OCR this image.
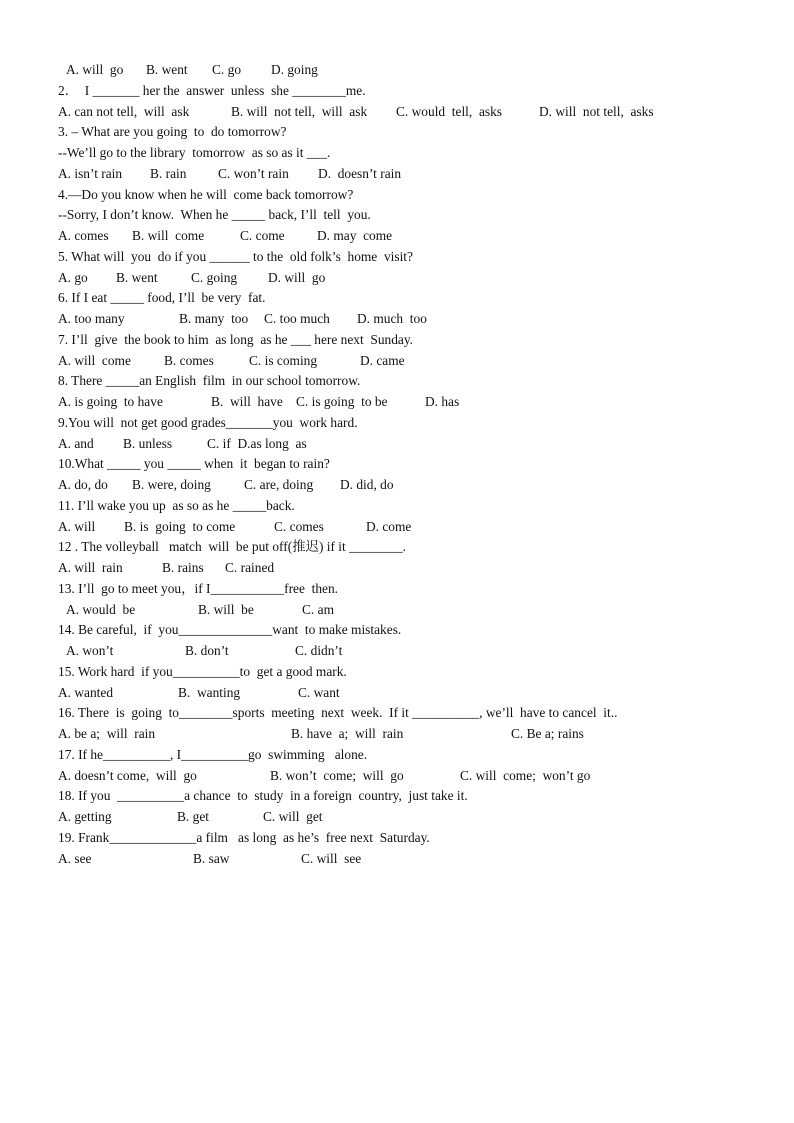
A. will  go B. went C. go D. going
2．  I _______ her the  answer  unless  she ________me.
A. can not tell,  will  ask	B. will  not tell,  will  ask C. would  tell,  asks	D. will  not tell,  asks
3. – What are you going  to  do tomorrow?
--We’ll go to the library  tomorrow  as so as it ___.
A. isn’t rain B. rain C. won’t rain D.  doesn’t rain
4.—Do you know when he will  come back tomorrow?
--Sorry, I don’t know.  When he _____ back, I’ll  tell  you.
A. comes B. will  come	C. come D. may  come
5. What will  you  do if you ______ to the  old folk’s  home  visit?
A. go B. went C. going D. will  go
6. If I eat _____ food, I’ll  be very  fat.
A. too many	B. many  too C. too much D. much  too
7. I’ll  give  the book to him  as long  as he ___ here next  Sunday.
A. will  come B. comes	C. is coming	D. came
8. There _____an English  film  in our school tomorrow.
A. is going  to have	B.  will  have C. is going  to be	D. has
9.You will  not get good grades_______you  work hard.
A. and B. unless	C. if  D.as long  as
10.What _____ you _____ when  it  began to rain?
A. do, do B. were, doing C. are, doing D. did, do
11. I’ll wake you up  as so as he _____back.
A. will B. is  going  to come	C. comes	D. come
12 . The volleyball   match  will  be put off(推迟) if it ________.
A. will  rain	B. rains C. rained
13. I’ll  go to meet you，if I___________free  then.
A. would  be	B. will  be	C. am
14. Be careful,  if  you______________want  to make mistakes.
A. won’t	B. don’t	C. didn’t
15. Work hard  if you__________to  get a good mark.
A. wanted	B.  wanting	C. want
16. There  is  going  to________sports  meeting  next  week.  If it __________, we’ll  have to cancel  it..
A. be a;  will  rain	B. have  a;  will  rain	C. Be a; rains
17. If he__________, I__________go  swimming   alone.
A. doesn’t come,  will  go	B. won’t  come;  will  go	C. will  come;  won’t go
18. If you  __________a chance  to  study  in a foreign  country,  just take it.
A. getting	B. get	C. will  get
19. Frank_____________a film   as long  as he’s  free next  Saturday.
A. see	B. saw	C. will  see
